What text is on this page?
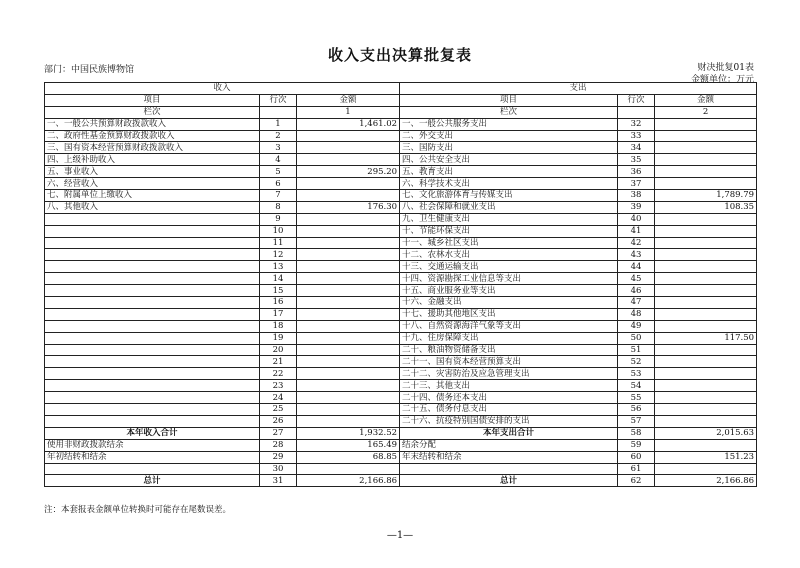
收入支出决算批复表
部门：中国民族博物馆	财决批复01表
金额单位：万元
收入			支出		
项目	行次	金额	项目	行次	金额
栏次		1	栏次		2
一、一般公共预算财政拨款收入	1	1,461.02	一、一般公共服务支出	32	
二、政府性基金预算财政拨款收入	2		二、外交支出	33	
三、国有资本经营预算财政拨款收入	3		三、国防支出	34	
四、上级补助收入	4		四、公共安全支出	35	
五、事业收入	5	295.20	五、教育支出	36	
六、经营收入	6		六、科学技术支出	37	
七、附属单位上缴收入	7		七、文化旅游体育与传媒支出	38	1,789.79
八、其他收入	8	176.30	八、社会保障和就业支出	39	108.35
	9		九、卫生健康支出	40	
	10		十、节能环保支出	41	
	11		十一、城乡社区支出	42	
	12		十二、农林水支出	43	
	13		十三、交通运输支出	44	
	14		十四、资源勘探工业信息等支出	45	
	15		十五、商业服务业等支出	46	
	16		十六、金融支出	47	
	17		十七、援助其他地区支出	48	
	18		十八、自然资源海洋气象等支出	49	
	19		十九、住房保障支出	50	117.50
	20		二十、粮油物资储备支出	51	
	21		二十一、国有资本经营预算支出	52	
	22		二十二、灾害防治及应急管理支出	53	
	23		二十三、其他支出	54	
	24		二十四、债务还本支出	55	
	25		二十五、债务付息支出	56	
	26		二十六、抗疫特别国债安排的支出	57	
本年收入合计	27	1,932.52	本年支出合计	58	2,015.63
使用非财政拨款结余	28	165.49	结余分配	59	
年初结转和结余	29	68.85	年末结转和结余	60	151.23
	30			61	
总计	31	2,166.86	总计	62	2,166.86
注：本套报表金额单位转换时可能存在尾数误差。
—1—
